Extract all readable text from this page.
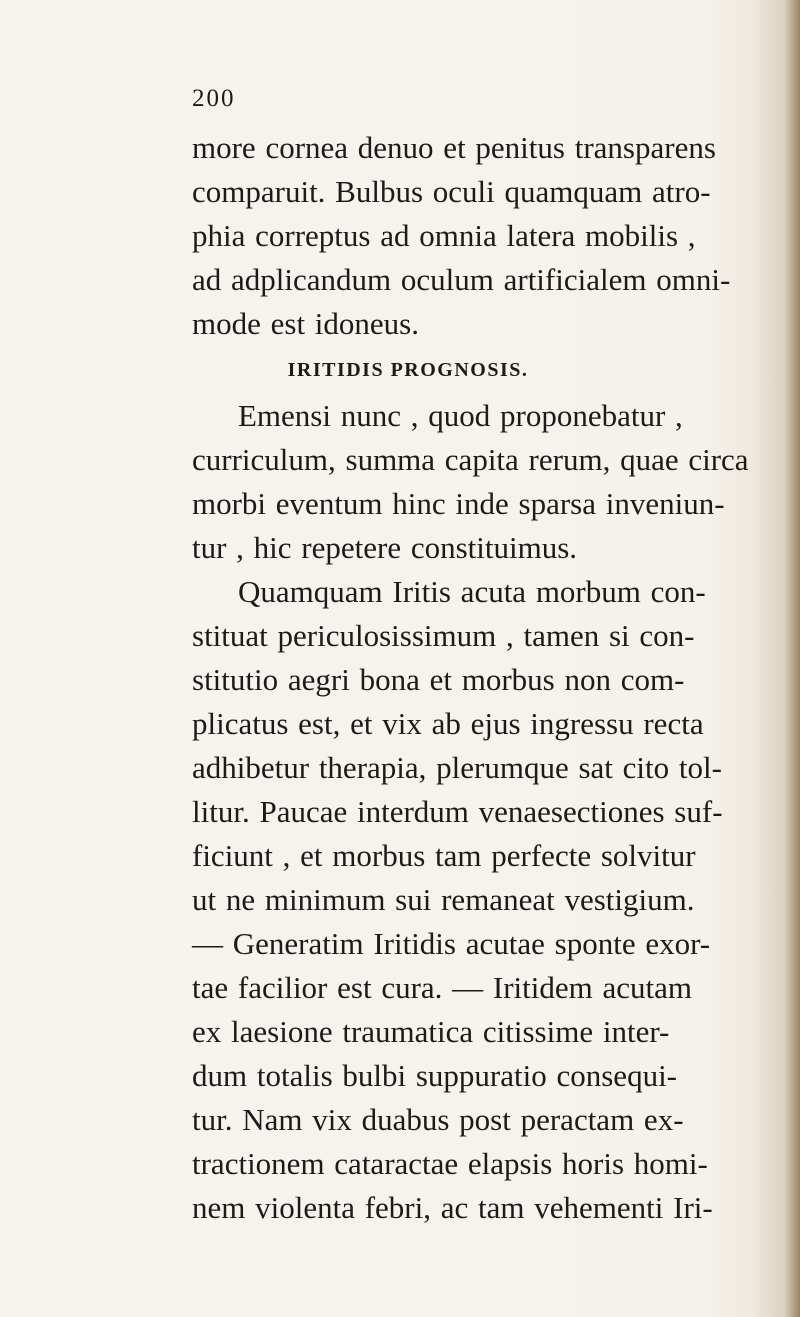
200
more cornea denuo et penitus transparens
comparuit. Bulbus oculi quamquam atro-
phia correptus ad omnia latera mobilis ,
ad adplicandum oculum artificialem omni-
mode est idoneus.
IRITIDIS PROGNOSIS.
Emensi nunc , quod proponebatur ,
curriculum, summa capita rerum, quae circa
morbi eventum hinc inde sparsa inveniun-
tur , hic repetere constituimus.
Quamquam Iritis acuta morbum con-
stituat periculosissimum , tamen si con-
stitutio aegri bona et morbus non com-
plicatus est, et vix ab ejus ingressu recta
adhibetur therapia, plerumque sat cito tol-
litur. Paucae interdum venaesectiones suf-
ficiunt , et morbus tam perfecte solvitur
ut ne minimum sui remaneat vestigium.
— Generatim Iritidis acutae sponte exor-
tae facilior est cura. — Iritidem acutam
ex laesione traumatica citissime inter-
dum totalis bulbi suppuratio consequi-
tur. Nam vix duabus post peractam ex-
tractionem cataractae elapsis horis homi-
nem violenta febri, ac tam vehementi Iri-
